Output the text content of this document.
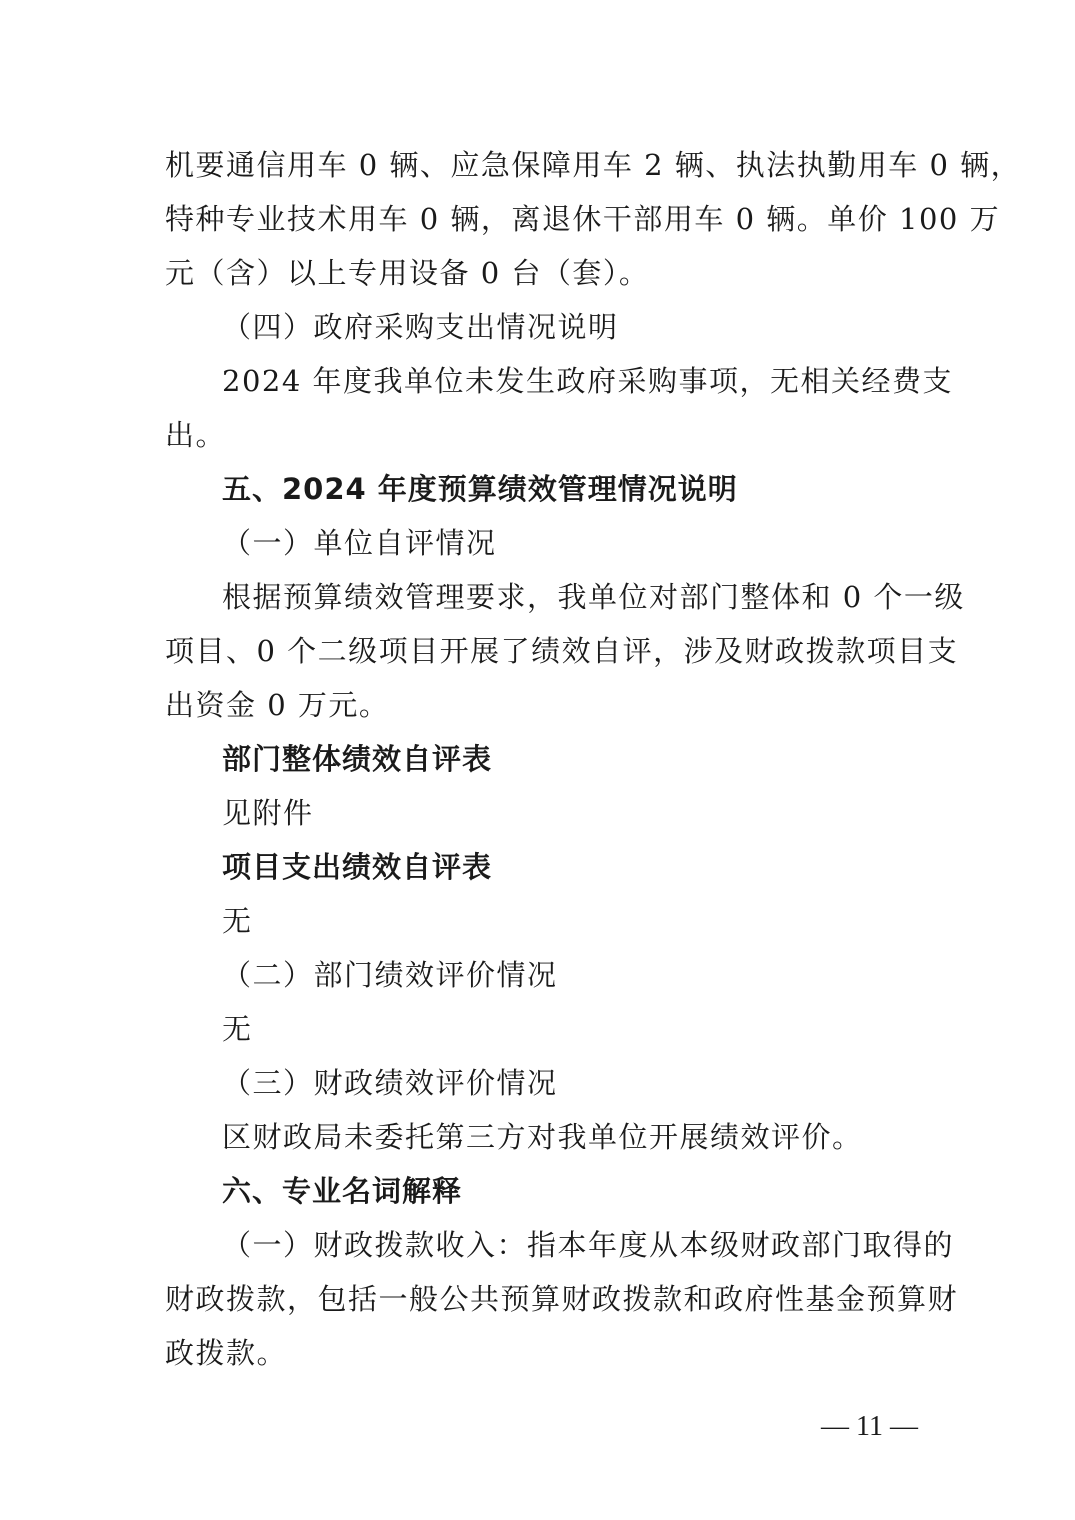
机要通信用车 0 辆、应急保障用车 2 辆、执法执勤用车 0 辆，
特种专业技术用车 0 辆，离退休干部用车 0 辆。单价 100 万
元（含）以上专用设备 0 台（套）。
（四）政府采购支出情况说明
2024 年度我单位未发生政府采购事项，无相关经费支
出。
五、2024 年度预算绩效管理情况说明
（一）单位自评情况
根据预算绩效管理要求，我单位对部门整体和 0 个一级
项目、0 个二级项目开展了绩效自评，涉及财政拨款项目支
出资金 0 万元。
部门整体绩效自评表
见附件
项目支出绩效自评表
无
（二）部门绩效评价情况
无
（三）财政绩效评价情况
区财政局未委托第三方对我单位开展绩效评价。
六、专业名词解释
（一）财政拨款收入：指本年度从本级财政部门取得的
财政拨款，包括一般公共预算财政拨款和政府性基金预算财
政拨款。
— 11 —
